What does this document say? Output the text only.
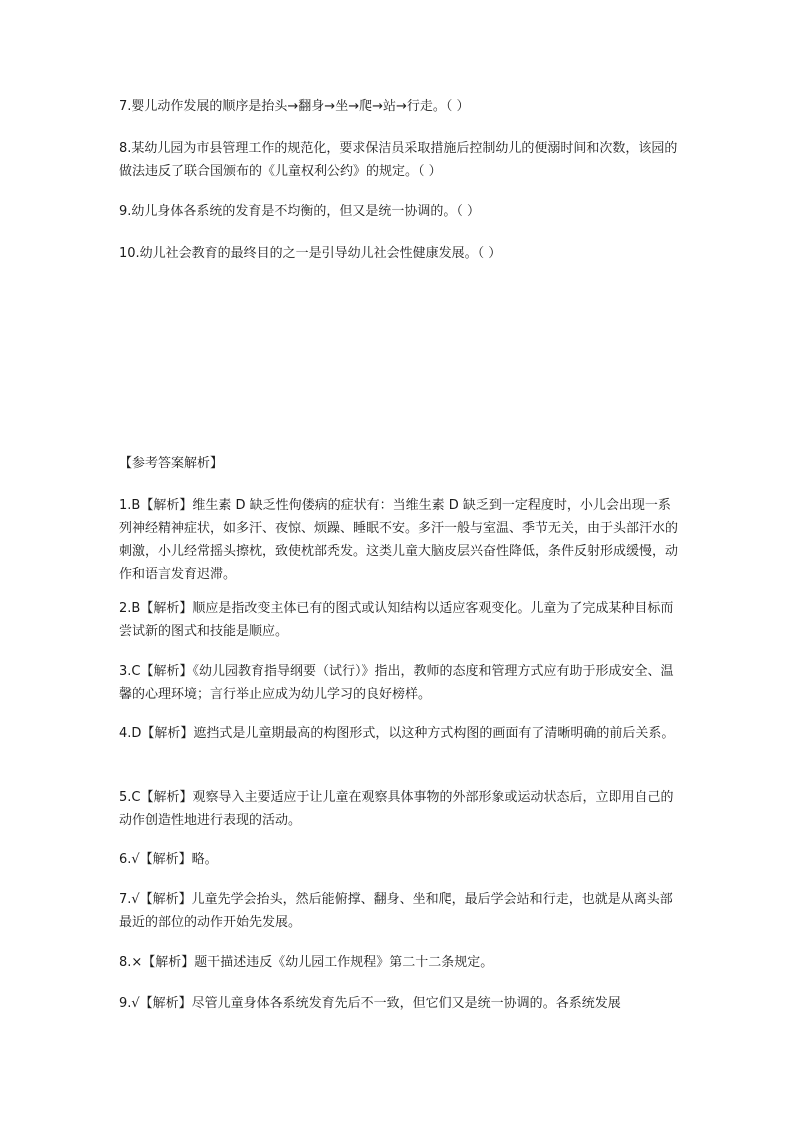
7.婴儿动作发展的顺序是抬头→翻身→坐→爬→站→行走。（ ）

8.某幼儿园为市县管理工作的规范化，要求保洁员采取措施后控制幼儿的便溺时间和次数，该园的做法违反了联合国颁布的《儿童权利公约》的规定。（ ）

9.幼儿身体各系统的发育是不均衡的，但又是统一协调的。（ ）

10.幼儿社会教育的最终目的之一是引导幼儿社会性健康发展。（ ）

【参考答案解析】

1.B【解析】维生素 D 缺乏性佝偻病的症状有：当维生素 D 缺乏到一定程度时，小儿会出现一系列神经精神症状，如多汗、夜惊、烦躁、睡眠不安。多汗一般与室温、季节无关，由于头部汗水的刺激，小儿经常摇头擦枕，致使枕部秃发。这类儿童大脑皮层兴奋性降低，条件反射形成缓慢，动作和语言发育迟滞。

2.B【解析】顺应是指改变主体已有的图式或认知结构以适应客观变化。儿童为了完成某种目标而尝试新的图式和技能是顺应。

3.C【解析】《幼儿园教育指导纲要（试行）》指出，教师的态度和管理方式应有助于形成安全、温馨的心理环境；言行举止应成为幼儿学习的良好榜样。

4.D【解析】遮挡式是儿童期最高的构图形式，以这种方式构图的画面有了清晰明确的前后关系。

5.C【解析】观察导入主要适应于让儿童在观察具体事物的外部形象或运动状态后，立即用自己的动作创造性地进行表现的活动。

6.√【解析】略。

7.√【解析】儿童先学会抬头，然后能俯撑、翻身、坐和爬，最后学会站和行走，也就是从离头部最近的部位的动作开始先发展。

8.×【解析】题干描述违反《幼儿园工作规程》第二十二条规定。

9.√【解析】尽管儿童身体各系统发育先后不一致，但它们又是统一协调的。各系统发展
